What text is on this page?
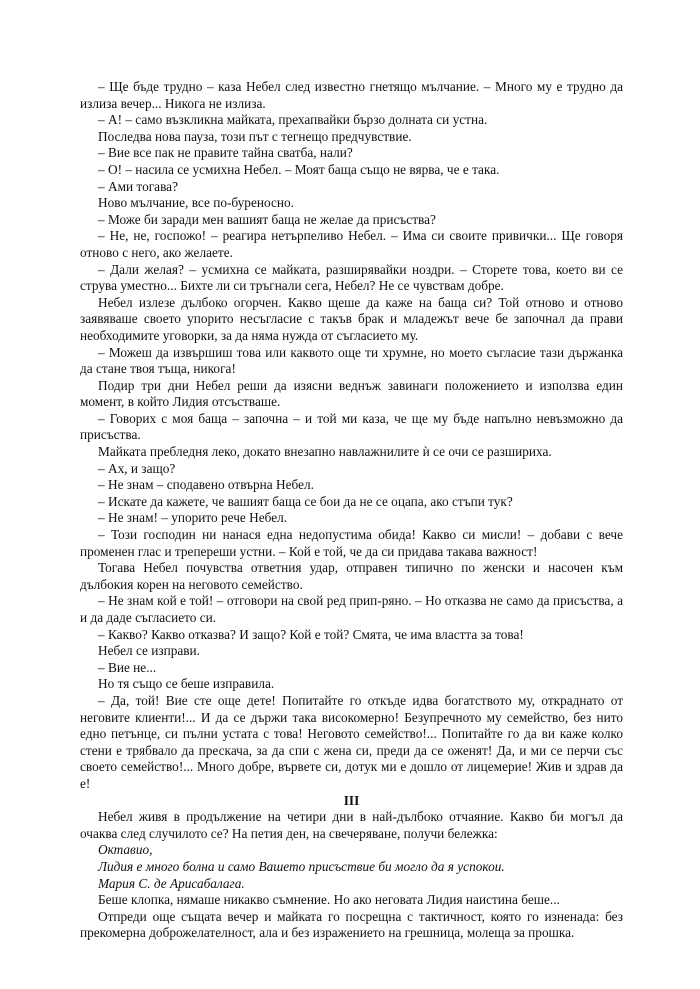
– Ще бъде трудно – каза Небел след известно гнетящо мълчание. – Много му е трудно да излиза вечер... Никога не излиза.

– А! – само възкликна майката, прехапвайки бързо долната си устна.

Последва нова пауза, този път с тегнещо предчувствие.

– Вие все пак не правите тайна сватба, нали?

– О! – насила се усмихна Небел. – Моят баща също не вярва, че е така.

– Ами тогава?

Ново мълчание, все по-бурeносно.

– Може би заради мен вашият баща не желае да присъства?

– Не, не, госпожо! – реагира нетърпеливо Небел. – Има си своите привички... Ще говоря отново с него, ако желаете.

– Дали желая? – усмихна се майката, разширявайки ноздри. – Сторете това, което ви се струва уместно... Бихте ли си тръгнали сега, Небел? Не се чувствам добре.

Небел излезе дълбоко огорчен. Какво щеше да каже на баща си? Той отново и отново заявяваше своето упорито несъгласие с такъв брак и младежът вече бе започнал да прави необходимите уговорки, за да няма нужда от съгласието му.

– Можеш да извършиш това или каквото още ти хрумне, но моето съгласие тази държанка да стане твоя тъща, никога!

Подир три дни Небел реши да изясни веднъж завинаги положението и използва един момент, в който Лидия отсъстваше.

– Говорих с моя баща – започна – и той ми каза, че ще му бъде напълно невъзможно да присъства.

Майката пребледня леко, докато внезапно навлажнилите ѝ се очи се разшириха.

– Ах, и защо?

– Не знам – сподавено отвърна Небел.

– Искате да кажете, че вашият баща се бои да не се оцапа, ако стъпи тук?

– Не знам! – упорито рече Небел.

– Този господин ни нанася една недопустима обида! Какво си мисли! – добави с вече променен глас и трепереши устни. – Кой е той, че да си придава такава важност!

Тогава Небел почувства ответния удар, отправен типично по женски и насочен към дълбокия корен на неговото семейство.

– Не знам кой е той! – отговори на свой ред прип-ряно. – Но отказва не само да присъства, а и да даде съгласието си.

– Какво? Какво отказва? И защо? Кой е той? Смята, че има властта за това!

Небел се изправи.

– Вие не...

Но тя също се беше изправила.

– Да, той! Вие сте още дете! Попитайте го откъде идва богатството му, откраднато от неговите клиенти!... И да се държи така високомерно! Безупречното му семейство, без нито едно петънце, си пълни устата с това! Неговото семейство!... Попитайте го да ви каже колко стени е трябвало да прескача, за да спи с жена си, преди да се оженят! Да, и ми се перчи със своето семейство!... Много добре, вървете си, дотук ми е дошло от лицемерие! Жив и здрав да е!

III

Небел живя в продължение на четири дни в най-дълбоко отчаяние. Какво би могъл да очаква след случилото се? На петия ден, на свечеряване, получи бележка:

Октавио,

Лидия е много болна и само Вашето присъствие би могло да я успокои.

Мария С. де Арисабалага.

Беше клопка, нямаше никакво съмнение. Но ако неговата Лидия наистина беше...

Отпреди още същата вечер и майката го посрещна с тактичност, която го изненада: без прекомерна доброжелателност, ала и без изражението на грешница, молеща за прошка.
